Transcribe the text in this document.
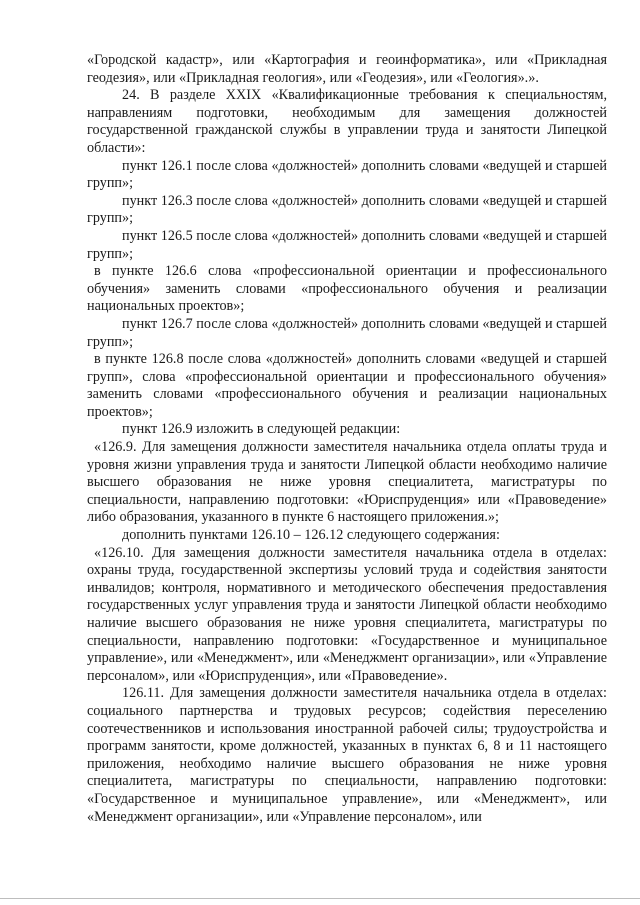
«Городской кадастр», или «Картография и геоинформатика», или «Прикладная геодезия», или «Прикладная геология», или «Геодезия», или «Геология».».

24. В разделе XXIX «Квалификационные требования к специальностям, направлениям подготовки, необходимым для замещения должностей государственной гражданской службы в управлении труда и занятости Липецкой области»:

пункт 126.1 после слова «должностей» дополнить словами «ведущей и старшей групп»;

пункт 126.3 после слова «должностей» дополнить словами «ведущей и старшей групп»;

пункт 126.5 после слова «должностей» дополнить словами «ведущей и старшей групп»;

в пункте 126.6 слова «профессиональной ориентации и профессионального обучения» заменить словами «профессионального обучения и реализации национальных проектов»;

пункт 126.7 после слова «должностей» дополнить словами «ведущей и старшей групп»;

в пункте 126.8 после слова «должностей» дополнить словами «ведущей и старшей групп», слова «профессиональной ориентации и профессионального обучения» заменить словами «профессионального обучения и реализации национальных проектов»;

пункт 126.9 изложить в следующей редакции:

«126.9. Для замещения должности заместителя начальника отдела оплаты труда и уровня жизни управления труда и занятости Липецкой области необходимо наличие высшего образования не ниже уровня специалитета, магистратуры по специальности, направлению подготовки: «Юриспруденция» или «Правоведение» либо образования, указанного в пункте 6 настоящего приложения.»;

дополнить пунктами 126.10 – 126.12 следующего содержания:

«126.10. Для замещения должности заместителя начальника отдела в отделах: охраны труда, государственной экспертизы условий труда и содействия занятости инвалидов; контроля, нормативного и методического обеспечения предоставления государственных услуг управления труда и занятости Липецкой области необходимо наличие высшего образования не ниже уровня специалитета, магистратуры по специальности, направлению подготовки: «Государственное и муниципальное управление», или «Менеджмент», или «Менеджмент организации», или «Управление персоналом», или «Юриспруденция», или «Правоведение».

126.11. Для замещения должности заместителя начальника отдела в отделах: социального партнерства и трудовых ресурсов; содействия переселению соотечественников и использования иностранной рабочей силы; трудоустройства и программ занятости, кроме должностей, указанных в пунктах 6, 8 и 11 настоящего приложения, необходимо наличие высшего образования не ниже уровня специалитета, магистратуры по специальности, направлению подготовки: «Государственное и муниципальное управление», или «Менеджмент», или «Менеджмент организации», или «Управление персоналом», или
